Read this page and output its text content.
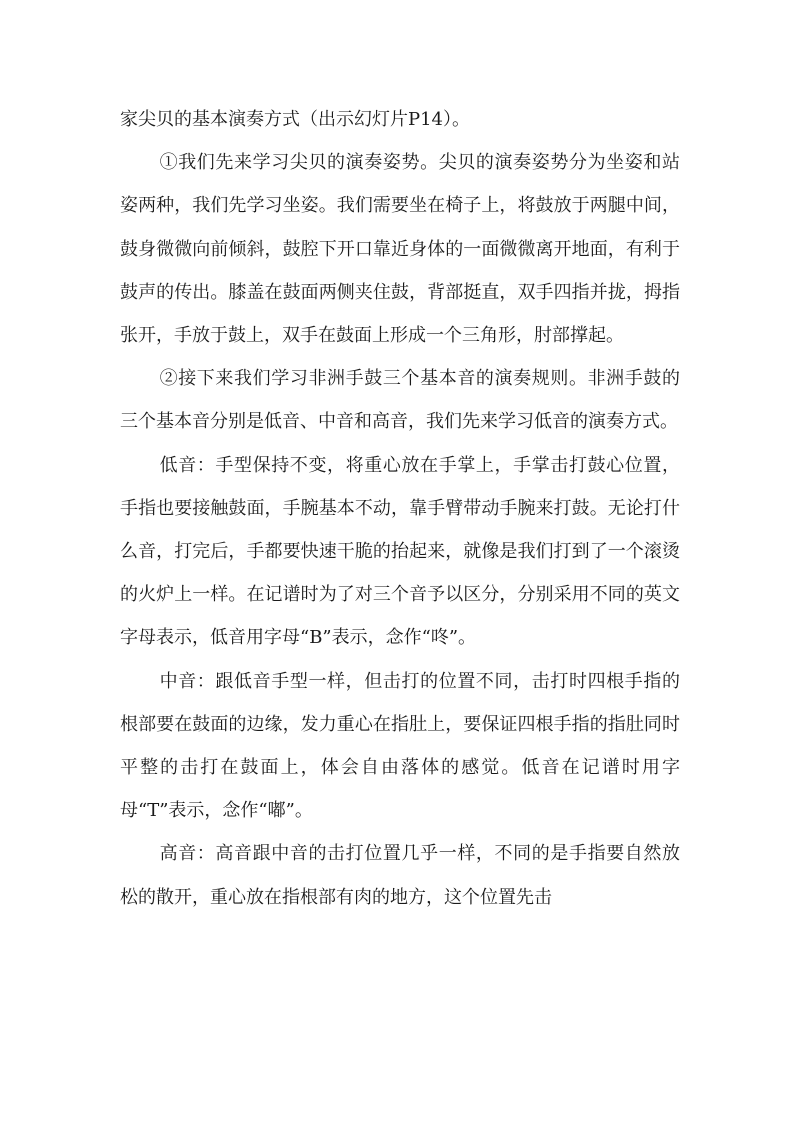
家尖贝的基本演奏方式（出示幻灯片P14）。

①我们先来学习尖贝的演奏姿势。尖贝的演奏姿势分为坐姿和站姿两种，我们先学习坐姿。我们需要坐在椅子上，将鼓放于两腿中间，鼓身微微向前倾斜，鼓腔下开口靠近身体的一面微微离开地面，有利于鼓声的传出。膝盖在鼓面两侧夹住鼓，背部挺直，双手四指并拢，拇指张开，手放于鼓上，双手在鼓面上形成一个三角形，肘部撑起。

②接下来我们学习非洲手鼓三个基本音的演奏规则。非洲手鼓的三个基本音分别是低音、中音和高音，我们先来学习低音的演奏方式。

低音：手型保持不变，将重心放在手掌上，手掌击打鼓心位置，手指也要接触鼓面，手腕基本不动，靠手臂带动手腕来打鼓。无论打什么音，打完后，手都要快速干脆的抬起来，就像是我们打到了一个滚烫的火炉上一样。在记谱时为了对三个音予以区分，分别采用不同的英文字母表示，低音用字母“B”表示，念作“咚”。

中音：跟低音手型一样，但击打的位置不同，击打时四根手指的根部要在鼓面的边缘，发力重心在指肚上，要保证四根手指的指肚同时平整的击打在鼓面上，体会自由落体的感觉。低音在记谱时用字母“T”表示，念作“嘟”。

高音：高音跟中音的击打位置几乎一样，不同的是手指要自然放松的散开，重心放在指根部有肉的地方，这个位置先击
